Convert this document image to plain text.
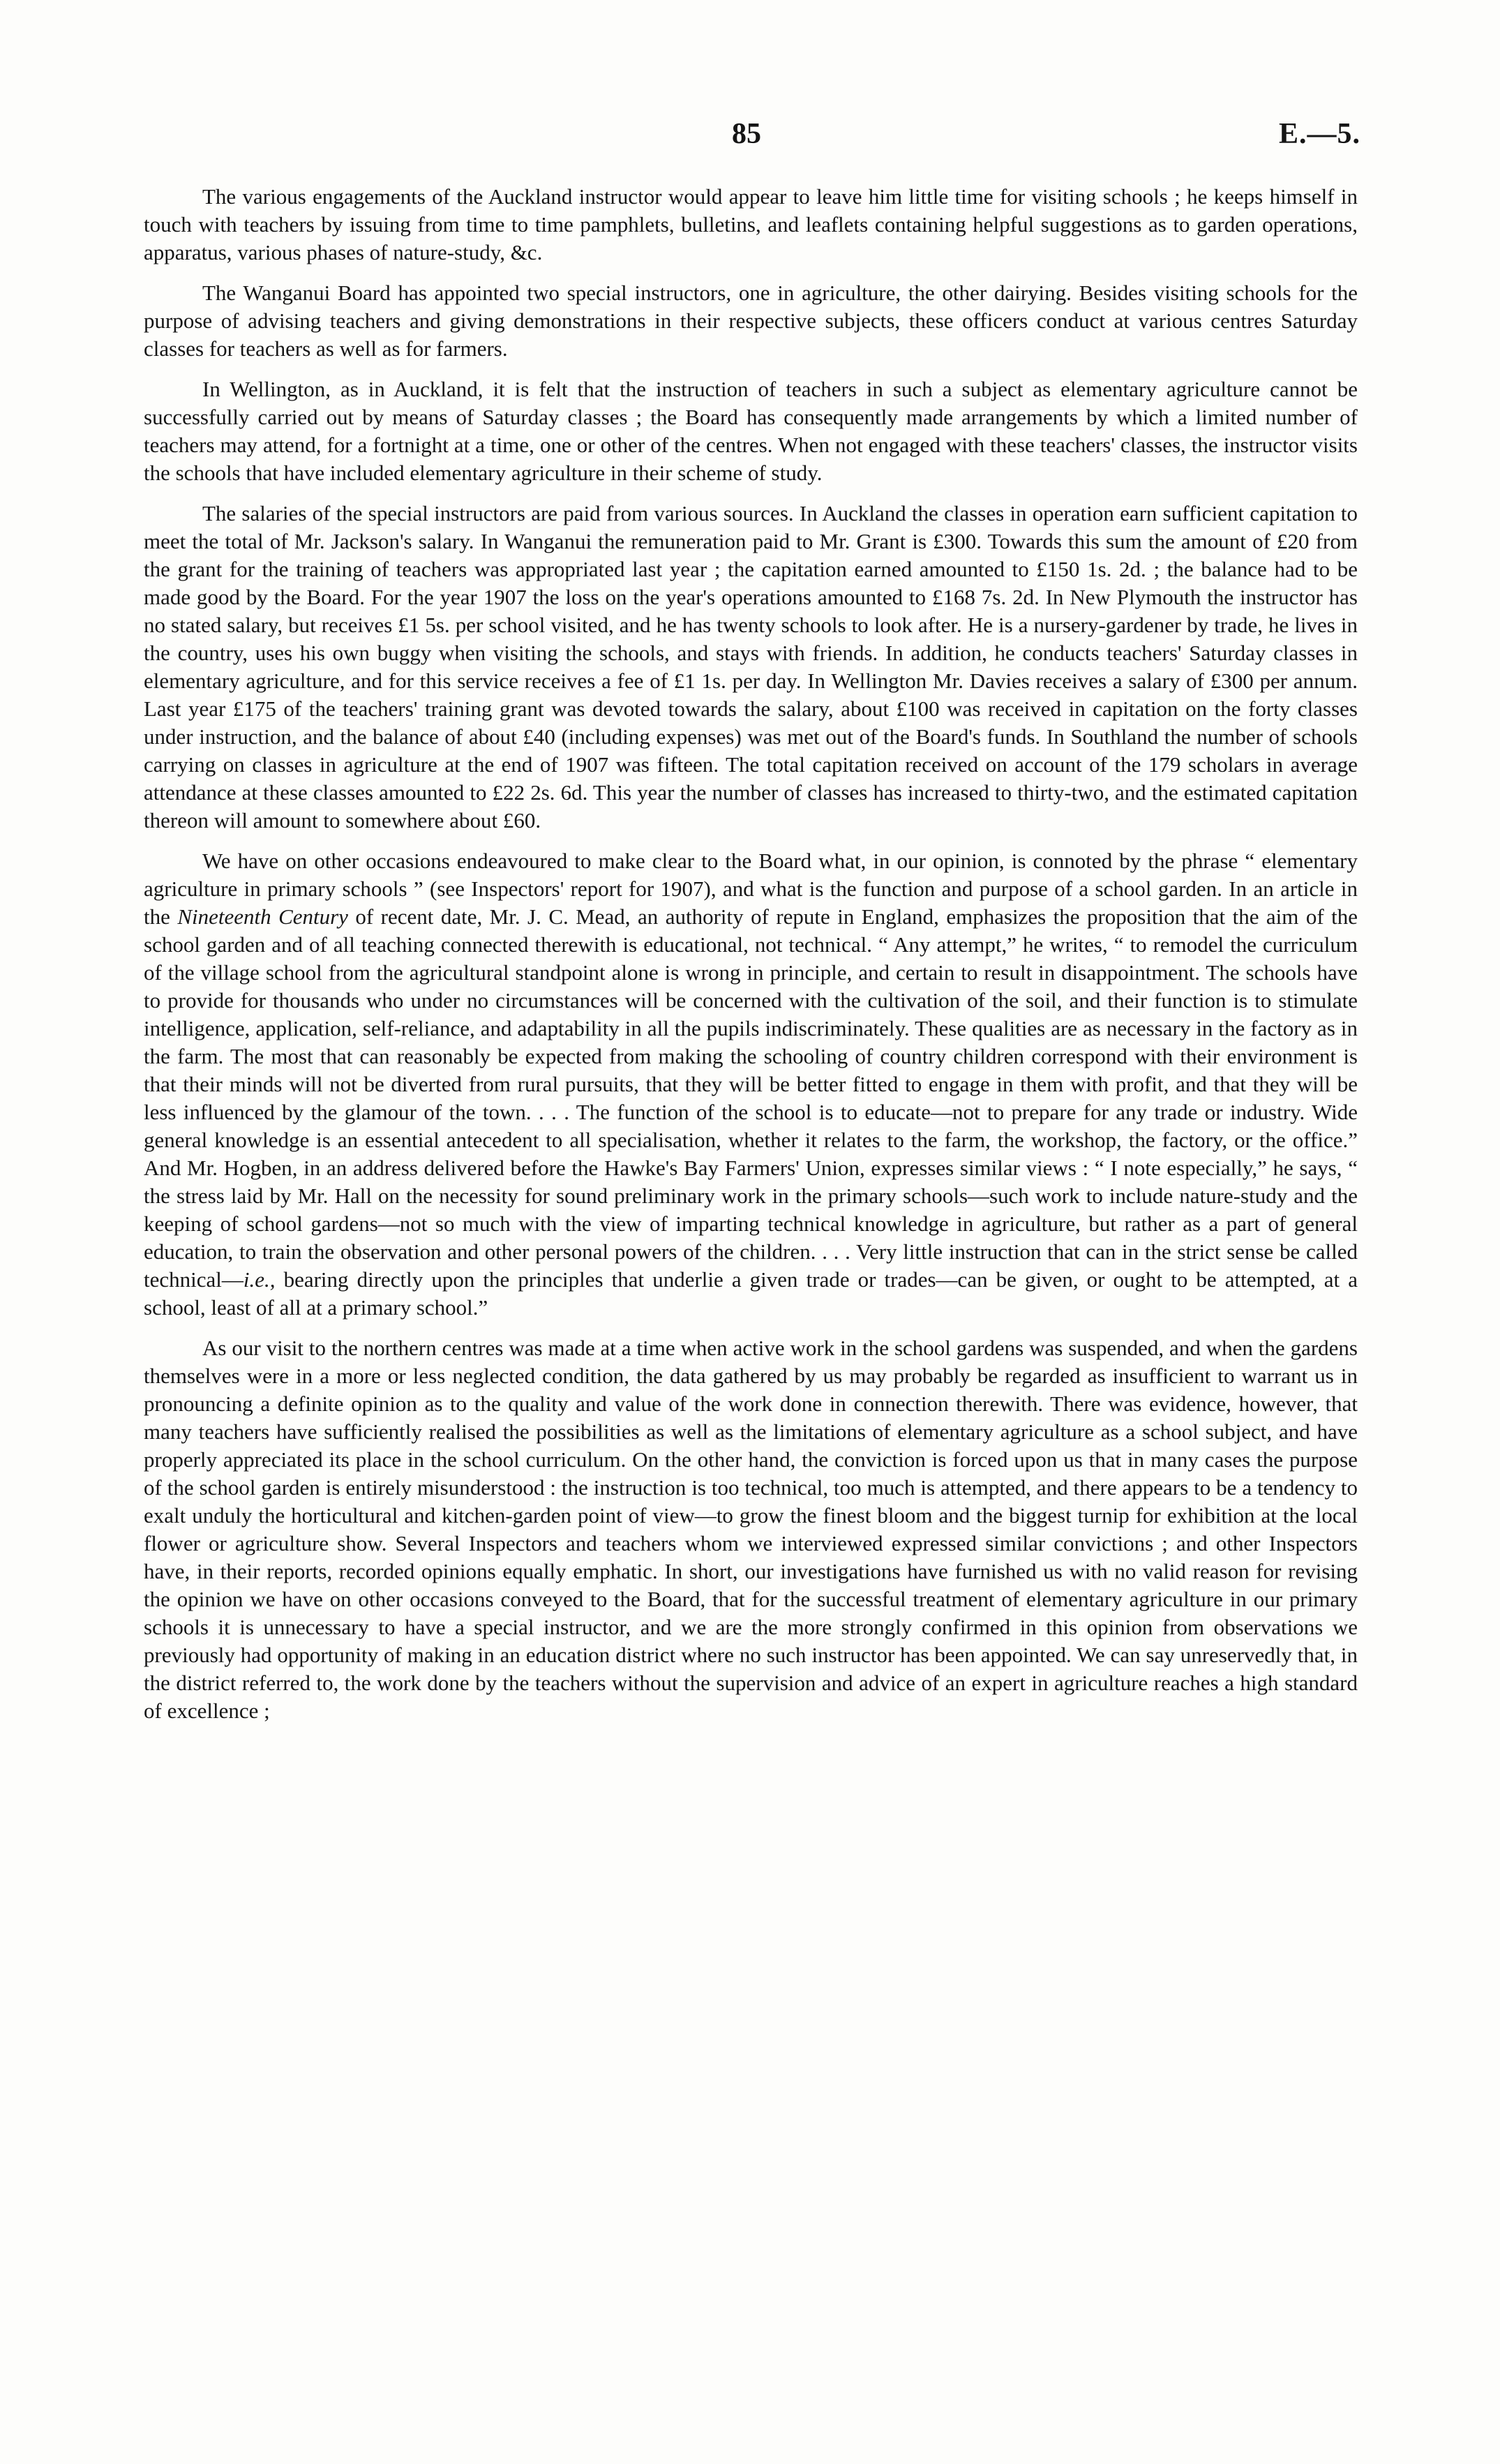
85	E.—5.

The various engagements of the Auckland instructor would appear to leave him little time for visiting schools ; he keeps himself in touch with teachers by issuing from time to time pamphlets, bulletins, and leaflets containing helpful suggestions as to garden operations, apparatus, various phases of nature-study, &c.

The Wanganui Board has appointed two special instructors, one in agriculture, the other dairying. Besides visiting schools for the purpose of advising teachers and giving demonstrations in their respective subjects, these officers conduct at various centres Saturday classes for teachers as well as for farmers.

In Wellington, as in Auckland, it is felt that the instruction of teachers in such a subject as elementary agriculture cannot be successfully carried out by means of Saturday classes ; the Board has consequently made arrangements by which a limited number of teachers may attend, for a fortnight at a time, one or other of the centres. When not engaged with these teachers' classes, the instructor visits the schools that have included elementary agriculture in their scheme of study.

The salaries of the special instructors are paid from various sources. In Auckland the classes in operation earn sufficient capitation to meet the total of Mr. Jackson's salary. In Wanganui the remuneration paid to Mr. Grant is £300. Towards this sum the amount of £20 from the grant for the training of teachers was appropriated last year ; the capitation earned amounted to £150 1s. 2d. ; the balance had to be made good by the Board. For the year 1907 the loss on the year's operations amounted to £168 7s. 2d. In New Plymouth the instructor has no stated salary, but receives £1 5s. per school visited, and he has twenty schools to look after. He is a nursery-gardener by trade, he lives in the country, uses his own buggy when visiting the schools, and stays with friends. In addition, he conducts teachers' Saturday classes in elementary agriculture, and for this service receives a fee of £1 1s. per day. In Wellington Mr. Davies receives a salary of £300 per annum. Last year £175 of the teachers' training grant was devoted towards the salary, about £100 was received in capitation on the forty classes under instruction, and the balance of about £40 (including expenses) was met out of the Board's funds. In Southland the number of schools carrying on classes in agriculture at the end of 1907 was fifteen. The total capitation received on account of the 179 scholars in average attendance at these classes amounted to £22 2s. 6d. This year the number of classes has increased to thirty-two, and the estimated capitation thereon will amount to somewhere about £60.

We have on other occasions endeavoured to make clear to the Board what, in our opinion, is connoted by the phrase “ elementary agriculture in primary schools ” (see Inspectors' report for 1907), and what is the function and purpose of a school garden. In an article in the Nineteenth Century of recent date, Mr. J. C. Mead, an authority of repute in England, emphasizes the proposition that the aim of the school garden and of all teaching connected therewith is educational, not technical. “ Any attempt,” he writes, “ to remodel the curriculum of the village school from the agricultural standpoint alone is wrong in principle, and certain to result in disappointment. The schools have to provide for thousands who under no circumstances will be concerned with the cultivation of the soil, and their function is to stimulate intelligence, application, self-reliance, and adaptability in all the pupils indiscriminately. These qualities are as necessary in the factory as in the farm. The most that can reasonably be expected from making the schooling of country children correspond with their environment is that their minds will not be diverted from rural pursuits, that they will be better fitted to engage in them with profit, and that they will be less influenced by the glamour of the town. . . . The function of the school is to educate—not to prepare for any trade or industry. Wide general knowledge is an essential antecedent to all specialisation, whether it relates to the farm, the workshop, the factory, or the office.” And Mr. Hogben, in an address delivered before the Hawke's Bay Farmers' Union, expresses similar views : “ I note especially,” he says, “ the stress laid by Mr. Hall on the necessity for sound preliminary work in the primary schools—such work to include nature-study and the keeping of school gardens—not so much with the view of imparting technical knowledge in agriculture, but rather as a part of general education, to train the observation and other personal powers of the children. . . . Very little instruction that can in the strict sense be called technical—i.e., bearing directly upon the principles that underlie a given trade or trades—can be given, or ought to be attempted, at a school, least of all at a primary school.”

As our visit to the northern centres was made at a time when active work in the school gardens was suspended, and when the gardens themselves were in a more or less neglected condition, the data gathered by us may probably be regarded as insufficient to warrant us in pronouncing a definite opinion as to the quality and value of the work done in connection therewith. There was evidence, however, that many teachers have sufficiently realised the possibilities as well as the limitations of elementary agriculture as a school subject, and have properly appreciated its place in the school curriculum. On the other hand, the conviction is forced upon us that in many cases the purpose of the school garden is entirely misunderstood : the instruction is too technical, too much is attempted, and there appears to be a tendency to exalt unduly the horticultural and kitchen-garden point of view—to grow the finest bloom and the biggest turnip for exhibition at the local flower or agriculture show. Several Inspectors and teachers whom we interviewed expressed similar convictions ; and other Inspectors have, in their reports, recorded opinions equally emphatic. In short, our investigations have furnished us with no valid reason for revising the opinion we have on other occasions conveyed to the Board, that for the successful treatment of elementary agriculture in our primary schools it is unnecessary to have a special instructor, and we are the more strongly confirmed in this opinion from observations we previously had opportunity of making in an education district where no such instructor has been appointed. We can say unreservedly that, in the district referred to, the work done by the teachers without the supervision and advice of an expert in agriculture reaches a high standard of excellence ;
